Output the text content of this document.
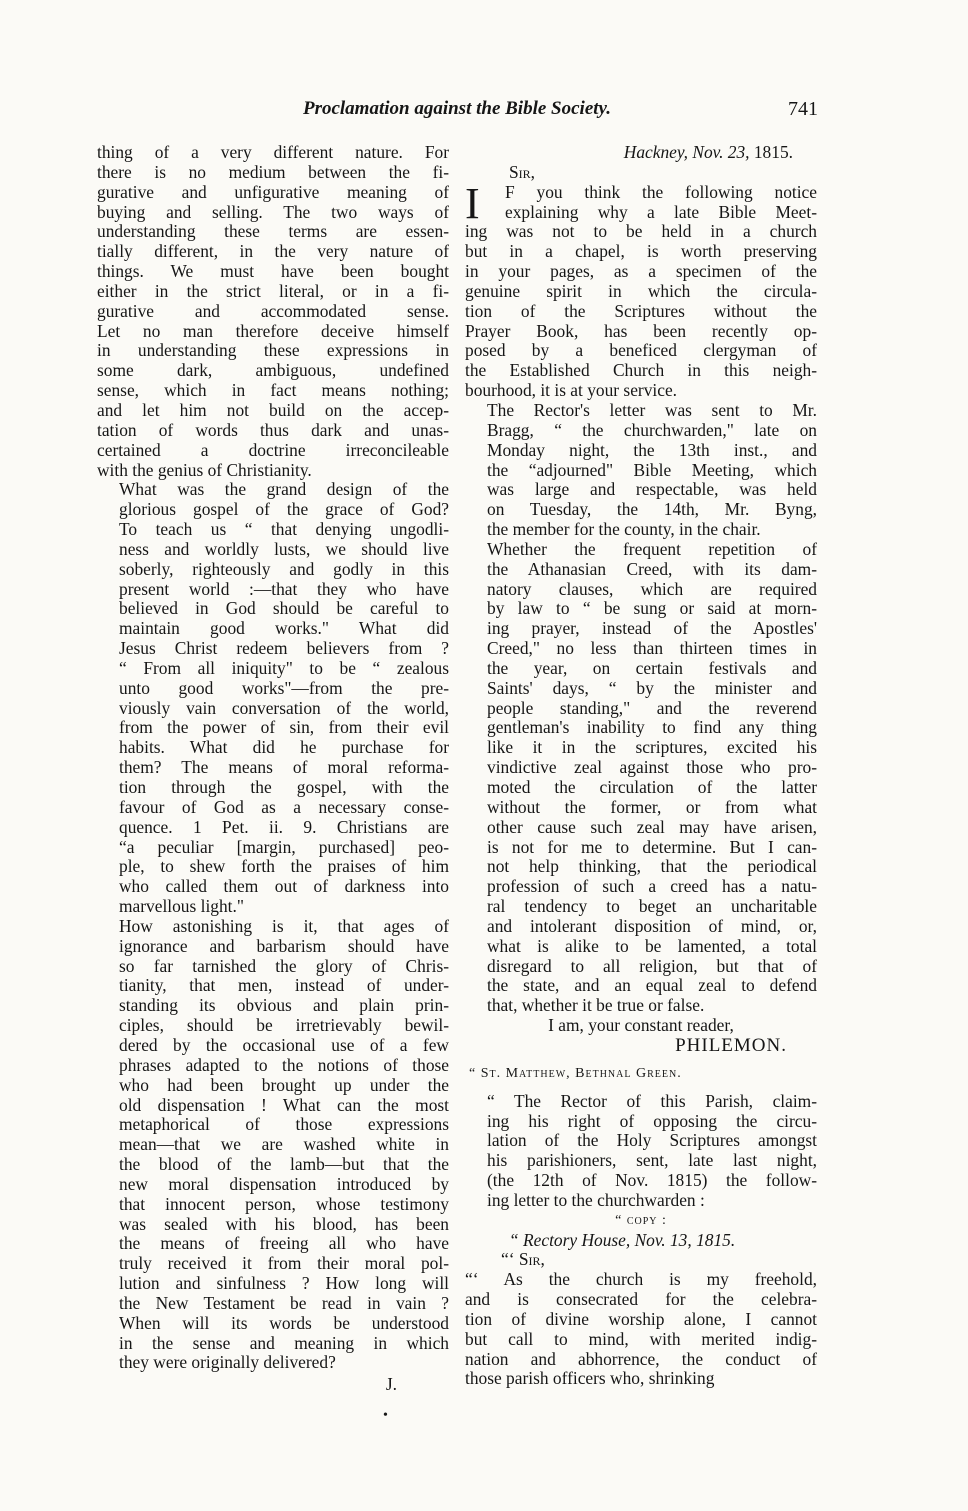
Proclamation against the Bible Society.	741

thing of a very different nature. For
there is no medium between the fi-
gurative and unfigurative meaning of
buying and selling. The two ways of
understanding these terms are essen-
tially different, in the very nature of
things. We must have been bought
either in the strict literal, or in a fi-
gurative and accommodated sense.
Let no man therefore deceive himself
in understanding these expressions in
some dark, ambiguous, undefined
sense, which in fact means nothing;
and let him not build on the accep-
tation of words thus dark and unas-
certained a doctrine irreconcileable
with the genius of Christianity.

What was the grand design of the
glorious gospel of the grace of God?
To teach us “ that denying ungodli-
ness and worldly lusts, we should live
soberly, righteously and godly in this
present world :—that they who have
believed in God should be careful to
maintain good works." What did
Jesus Christ redeem believers from ?
“ From all iniquity" to be “ zealous
unto good works"—from the pre-
viously vain conversation of the world,
from the power of sin, from their evil
habits. What did he purchase for
them? The means of moral reforma-
tion through the gospel, with the
favour of God as a necessary conse-
quence. 1 Pet. ii. 9. Christians are
“a peculiar [margin, purchased] peo-
ple, to shew forth the praises of him
who called them out of darkness into
marvellous light."

How astonishing is it, that ages of
ignorance and barbarism should have
so far tarnished the glory of Chris-
tianity, that men, instead of under-
standing its obvious and plain prin-
ciples, should be irretrievably bewil-
dered by the occasional use of a few
phrases adapted to the notions of those
who had been brought up under the
old dispensation ! What can the most
metaphorical of those expressions
mean—that we are washed white in
the blood of the lamb—but that the
new moral dispensation introduced by
that innocent person, whose testimony
was sealed with his blood, has been
the means of freeing all who have
truly received it from their moral pol-
lution and sinfulness ? How long will
the New Testament be read in vain ?
When will its words be understood
in the sense and meaning in which
they were originally delivered?

J.
Hackney, Nov. 23, 1815.
Sir,
I	F you think the following notice
explaining why a late Bible Meet-
ing was not to be held in a church
but in a chapel, is worth preserving
in your pages, as a specimen of the
genuine spirit in which the circula-
tion of the Scriptures without the
Prayer Book, has been recently op-
posed by a beneficed clergyman of
the Established Church in this neigh-
bourhood, it is at your service.

The Rector's letter was sent to Mr.
Bragg, “ the churchwarden," late on
Monday night, the 13th inst., and
the “adjourned" Bible Meeting, which
was large and respectable, was held
on Tuesday, the 14th, Mr. Byng,
the member for the county, in the chair.

Whether the frequent repetition of
the Athanasian Creed, with its dam-
natory clauses, which are required
by law to “ be sung or said at morn-
ing prayer, instead of the Apostles'
Creed," no less than thirteen times in
the year, on certain festivals and
Saints' days, “ by the minister and
people standing," and the reverend
gentleman's inability to find any thing
like it in the scriptures, excited his
vindictive zeal against those who pro-
moted the circulation of the latter
without the former, or from what
other cause such zeal may have arisen,
is not for me to determine. But I can-
not help thinking, that the periodical
profession of such a creed has a natu-
ral tendency to beget an uncharitable
and intolerant disposition of mind, or,
what is alike to be lamented, a total
disregard to all religion, but that of
the state, and an equal zeal to defend
that, whether it be true or false.

I am, your constant reader,
PHILEMON.
“ St. Matthew, Bethnal Green.

“ The Rector of this Parish, claim-
ing his right of opposing the circu-
lation of the Holy Scriptures amongst
his parishioners, sent, late last night,
(the 12th of Nov. 1815) the follow-
ing letter to the churchwarden :

“ copy :
“ Rectory House, Nov. 13, 1815.
“‘ Sir,

“‘ As the church is my freehold,
and is consecrated for the celebra-
tion of divine worship alone, I cannot
but call to mind, with merited indig-
nation and abhorrence, the conduct of
those parish officers who, shrinking

•
